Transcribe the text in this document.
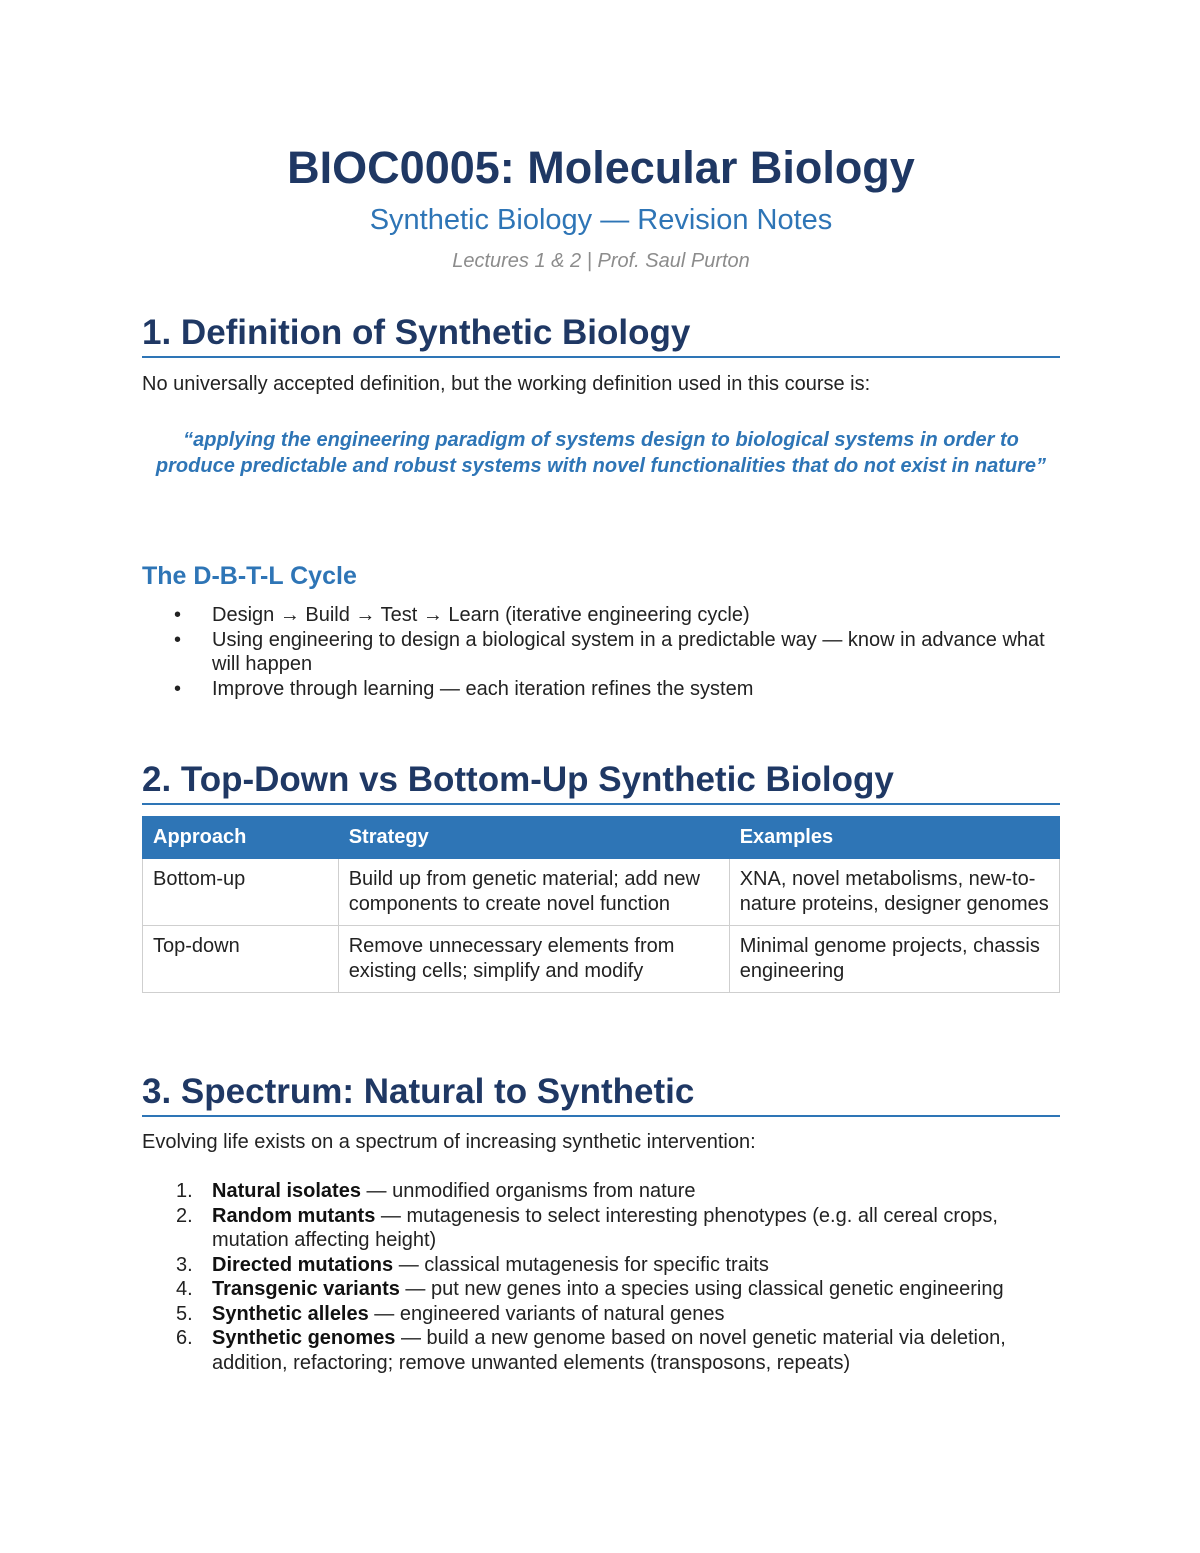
BIOC0005: Molecular Biology
Synthetic Biology — Revision Notes
Lectures 1 & 2 | Prof. Saul Purton
1. Definition of Synthetic Biology
No universally accepted definition, but the working definition used in this course is:
“applying the engineering paradigm of systems design to biological systems in order to produce predictable and robust systems with novel functionalities that do not exist in nature”
The D-B-T-L Cycle
• Design → Build → Test → Learn (iterative engineering cycle)
• Using engineering to design a biological system in a predictable way — know in advance what will happen
• Improve through learning — each iteration refines the system
2. Top-Down vs Bottom-Up Synthetic Biology
Approach	Strategy	Examples
Bottom-up	Build up from genetic material; add new components to create novel function	XNA, novel metabolisms, new-to-nature proteins, designer genomes
Top-down	Remove unnecessary elements from existing cells; simplify and modify	Minimal genome projects, chassis engineering
3. Spectrum: Natural to Synthetic
Evolving life exists on a spectrum of increasing synthetic intervention:
1. Natural isolates — unmodified organisms from nature
2. Random mutants — mutagenesis to select interesting phenotypes (e.g. all cereal crops, mutation affecting height)
3. Directed mutations — classical mutagenesis for specific traits
4. Transgenic variants — put new genes into a species using classical genetic engineering
5. Synthetic alleles — engineered variants of natural genes
6. Synthetic genomes — build a new genome based on novel genetic material via deletion, addition, refactoring; remove unwanted elements (transposons, repeats)
